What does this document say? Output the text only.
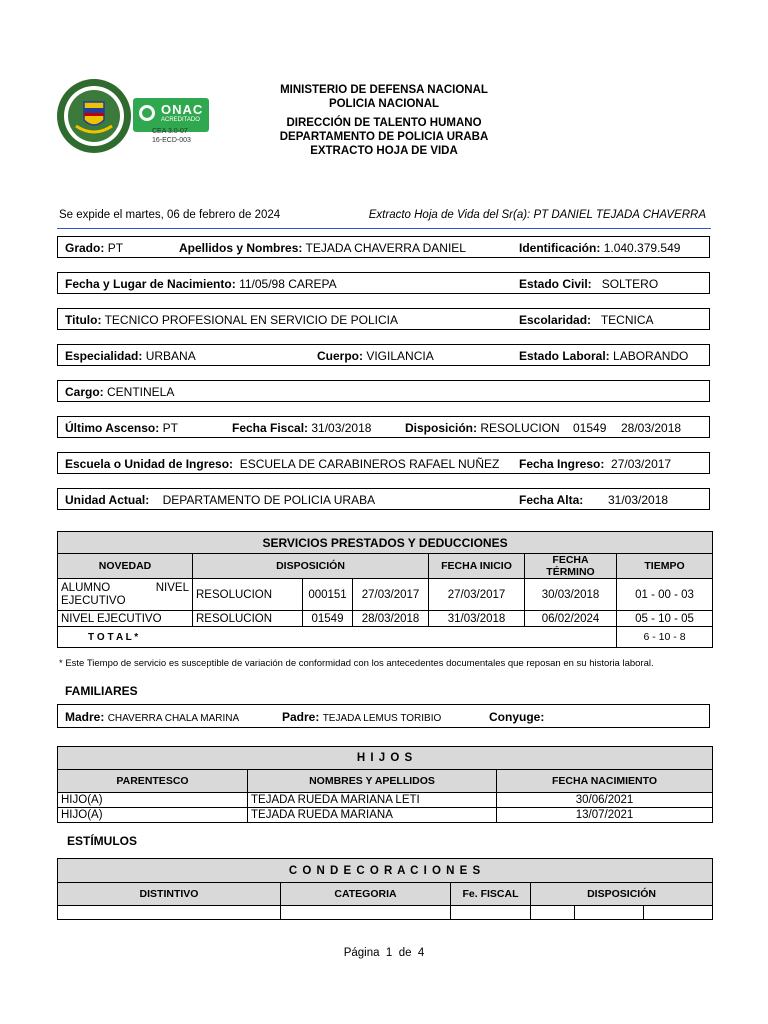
ONAC
ACREDITADO
CEA 3.0-07
16-ECD-003
MINISTERIO DE DEFENSA NACIONAL
POLICIA NACIONAL
DIRECCIÓN DE TALENTO HUMANO
DEPARTAMENTO DE POLICIA URABA
EXTRACTO HOJA DE VIDA
Se expide el martes, 06 de febrero de 2024	Extracto Hoja de Vida del Sr(a): PT DANIEL TEJADA CHAVERRA
Grado: PT	Apellidos y Nombres: TEJADA CHAVERRA DANIEL	Identificación: 1.040.379.549
Fecha y Lugar de Nacimiento: 11/05/98 CAREPA	Estado Civil: SOLTERO
Titulo: TECNICO PROFESIONAL EN SERVICIO DE POLICIA	Escolaridad: TECNICA
Especialidad: URBANA	Cuerpo: VIGILANCIA	Estado Laboral: LABORANDO
Cargo: CENTINELA
Último Ascenso: PT	Fecha Fiscal: 31/03/2018	Disposición: RESOLUCION 01549 28/03/2018
Escuela o Unidad de Ingreso: ESCUELA DE CARABINEROS RAFAEL NUÑEZ Fecha Ingreso: 27/03/2017
Unidad Actual: DEPARTAMENTO DE POLICIA URABA	Fecha Alta: 31/03/2018
SERVICIOS PRESTADOS Y DEDUCCIONES						
NOVEDAD	DISPOSICIÓN			FECHA INICIO	FECHA TÉRMINO	TIEMPO
ALUMNO NIVEL EJECUTIVO	RESOLUCION	000151	27/03/2017	27/03/2017	30/03/2018	01 - 00 - 03
NIVEL EJECUTIVO	RESOLUCION	01549	28/03/2018	31/03/2018	06/02/2024	05 - 10 - 05
T O T A L *						6 - 10 - 8
* Este Tiempo de servicio es susceptible de variación de conformidad con los antecedentes documentales que reposan en su historia laboral.
FAMILIARES
Madre: CHAVERRA CHALA MARINA	Padre: TEJADA LEMUS TORIBIO	Conyuge:
H I J O S		
PARENTESCO	NOMBRES Y APELLIDOS	FECHA NACIMIENTO
HIJO(A)	TEJADA RUEDA MARIANA LETI	30/06/2021
HIJO(A)	TEJADA RUEDA MARIANA	13/07/2021
ESTÍMULOS
C O N D E C O R A C I O N E S					
DISTINTIVO	CATEGORIA	Fe. FISCAL	DISPOSICIÓN		

Página  1  de  4
